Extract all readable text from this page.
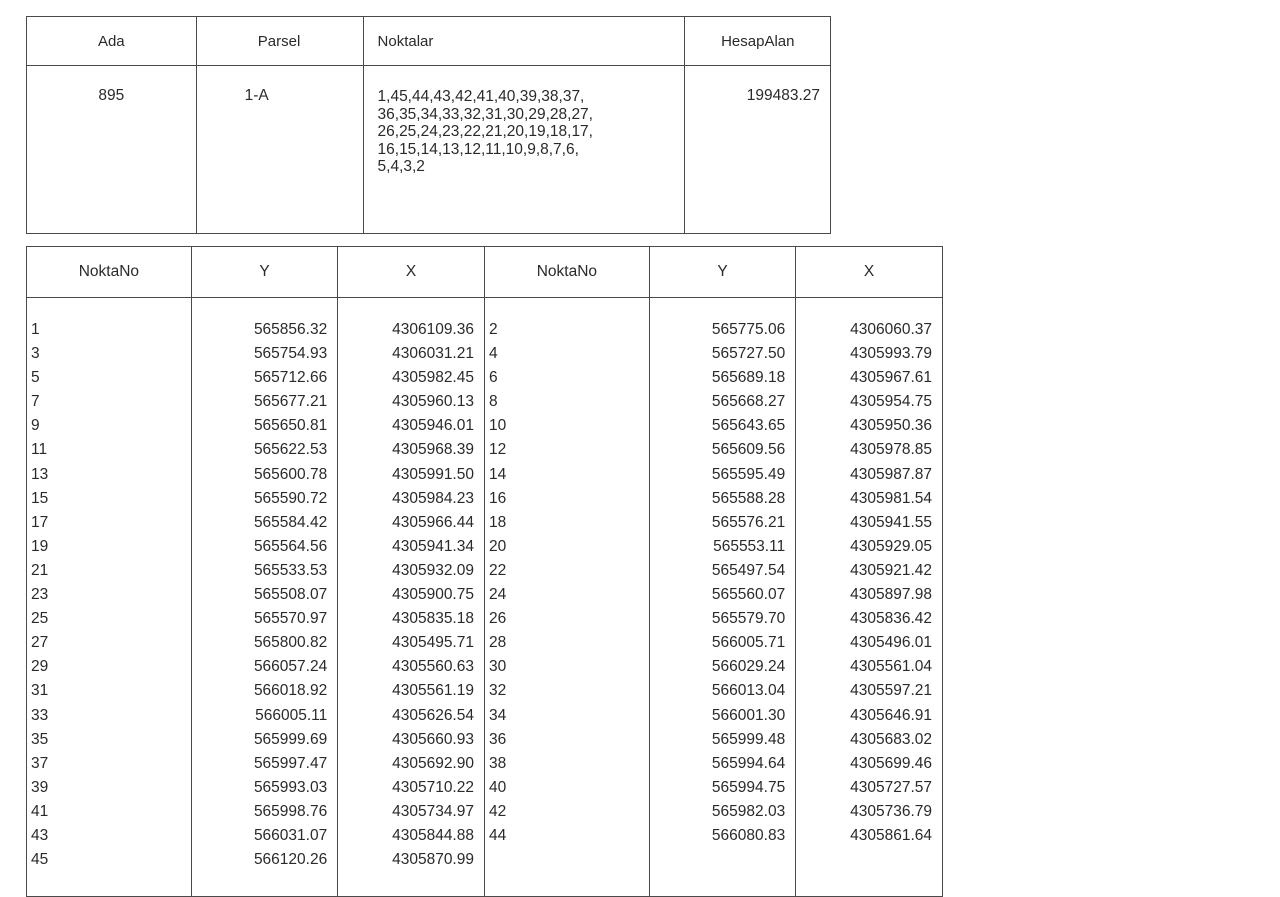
Ada	Parsel	Noktalar	HesapAlan
895	1-A	1,45,44,43,42,41,40,39,38,37,
36,35,34,33,32,31,30,29,28,27,
26,25,24,23,22,21,20,19,18,17,
16,15,14,13,12,11,10,9,8,7,6,
5,4,3,2	199483.27
NoktaNo	Y	X	NoktaNo	Y	X

1	565856.32	4306109.36	2	565775.06	4306060.37
3	565754.93	4306031.21	4	565727.50	4305993.79
5	565712.66	4305982.45	6	565689.18	4305967.61
7	565677.21	4305960.13	8	565668.27	4305954.75
9	565650.81	4305946.01	10	565643.65	4305950.36
11	565622.53	4305968.39	12	565609.56	4305978.85
13	565600.78	4305991.50	14	565595.49	4305987.87
15	565590.72	4305984.23	16	565588.28	4305981.54
17	565584.42	4305966.44	18	565576.21	4305941.55
19	565564.56	4305941.34	20	565553.11	4305929.05
21	565533.53	4305932.09	22	565497.54	4305921.42
23	565508.07	4305900.75	24	565560.07	4305897.98
25	565570.97	4305835.18	26	565579.70	4305836.42
27	565800.82	4305495.71	28	566005.71	4305496.01
29	566057.24	4305560.63	30	566029.24	4305561.04
31	566018.92	4305561.19	32	566013.04	4305597.21
33	566005.11	4305626.54	34	566001.30	4305646.91
35	565999.69	4305660.93	36	565999.48	4305683.02
37	565997.47	4305692.90	38	565994.64	4305699.46
39	565993.03	4305710.22	40	565994.75	4305727.57
41	565998.76	4305734.97	42	565982.03	4305736.79
43	566031.07	4305844.88	44	566080.83	4305861.64
45	566120.26	4305870.99			
